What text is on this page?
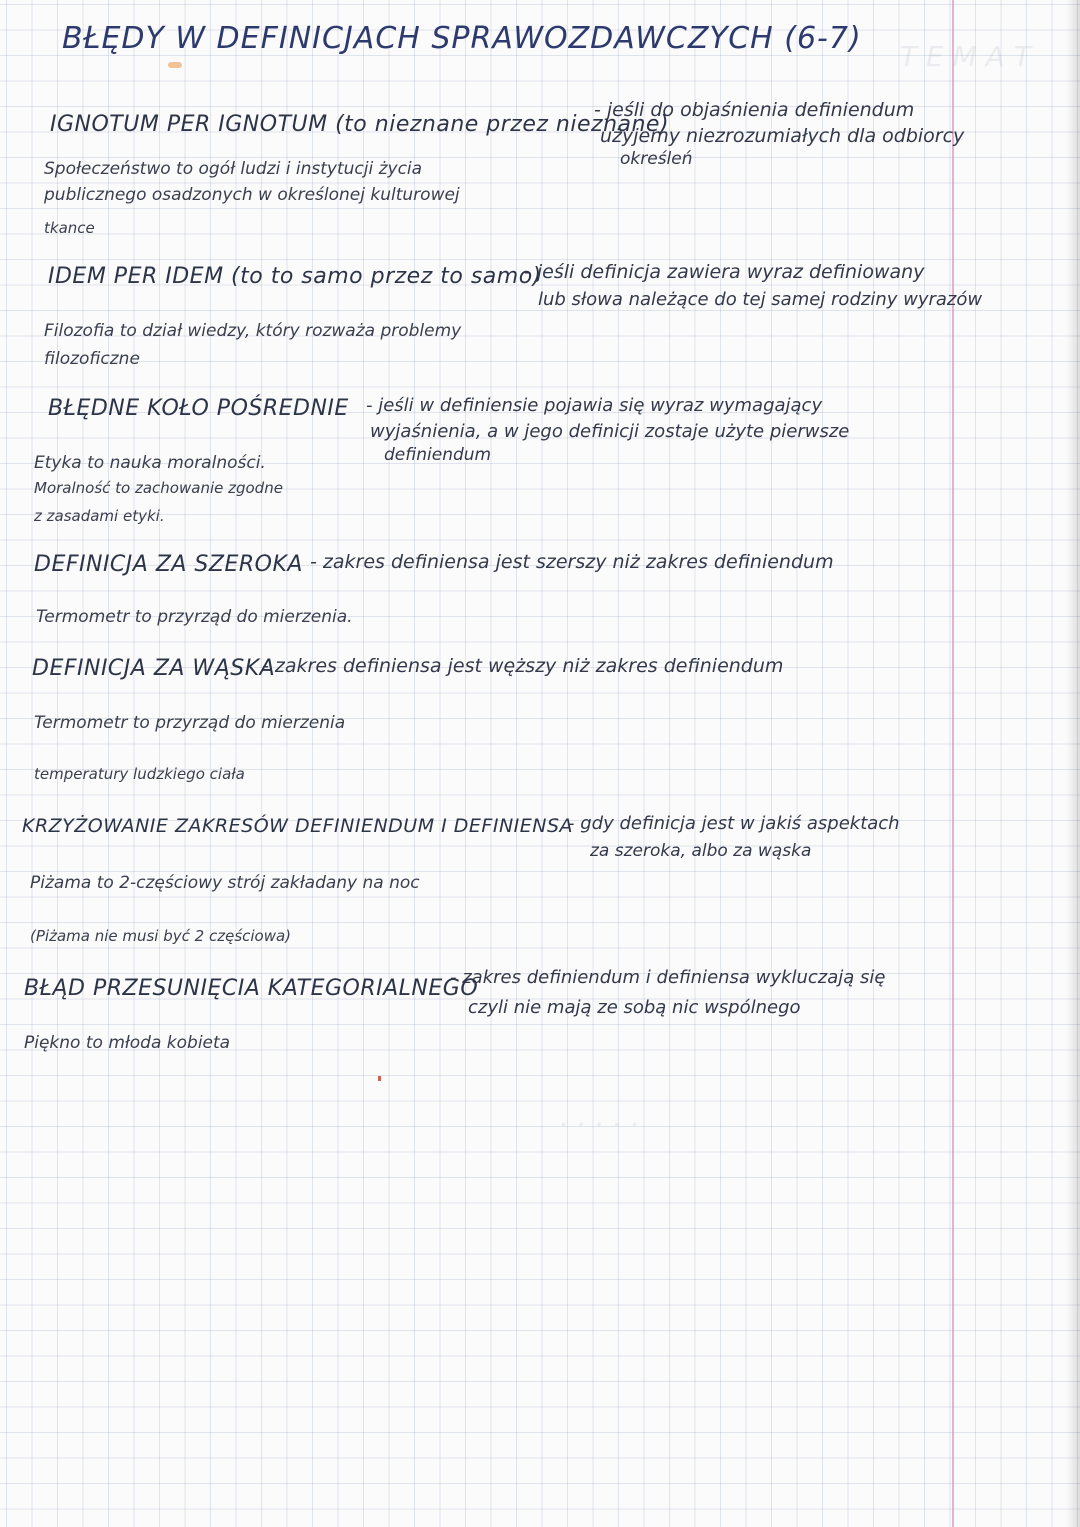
T E M A T
. . . . .
BŁĘDY W DEFINICJACH SPRAWOZDAWCZYCH (6-7)
IGNOTUM PER IGNOTUM (to nieznane przez nieznane)
- jeśli do objaśnienia definiendum
użyjemy niezrozumiałych dla odbiorcy
określeń
Społeczeństwo to ogół ludzi i instytucji życia
publicznego osadzonych w określonej kulturowej
tkance
IDEM PER IDEM (to to samo przez to samo)
- jeśli definicja zawiera wyraz definiowany
lub słowa należące do tej samej rodziny wyrazów
Filozofia to dział wiedzy, który rozważa problemy
filozoficzne
BŁĘDNE KOŁO POŚREDNIE - jeśli w definiensie pojawia się wyraz wymagający
wyjaśnienia, a w jego definicji zostaje użyte pierwsze
definiendum
Etyka to nauka moralności.
Moralność to zachowanie zgodne
z zasadami etyki.
DEFINICJA ZA SZEROKA - zakres definiensa jest szerszy niż zakres definiendum
Termometr to przyrząd do mierzenia.
DEFINICJA ZA WĄSKA
- zakres definiensa jest węższy niż zakres definiendum
Termometr to przyrząd do mierzenia
temperatury ludzkiego ciała
KRZYŻOWANIE ZAKRESÓW DEFINIENDUM I DEFINIENSA
- gdy definicja jest w jakiś aspektach
za szeroka, albo za wąska
Piżama to 2-częściowy strój zakładany na noc
(Piżama nie musi być 2 częściowa)
BŁĄD PRZESUNIĘCIA KATEGORIALNEGO
- zakres definiendum i definiensa wykluczają się
czyli nie mają ze sobą nic wspólnego
Piękno to młoda kobieta
